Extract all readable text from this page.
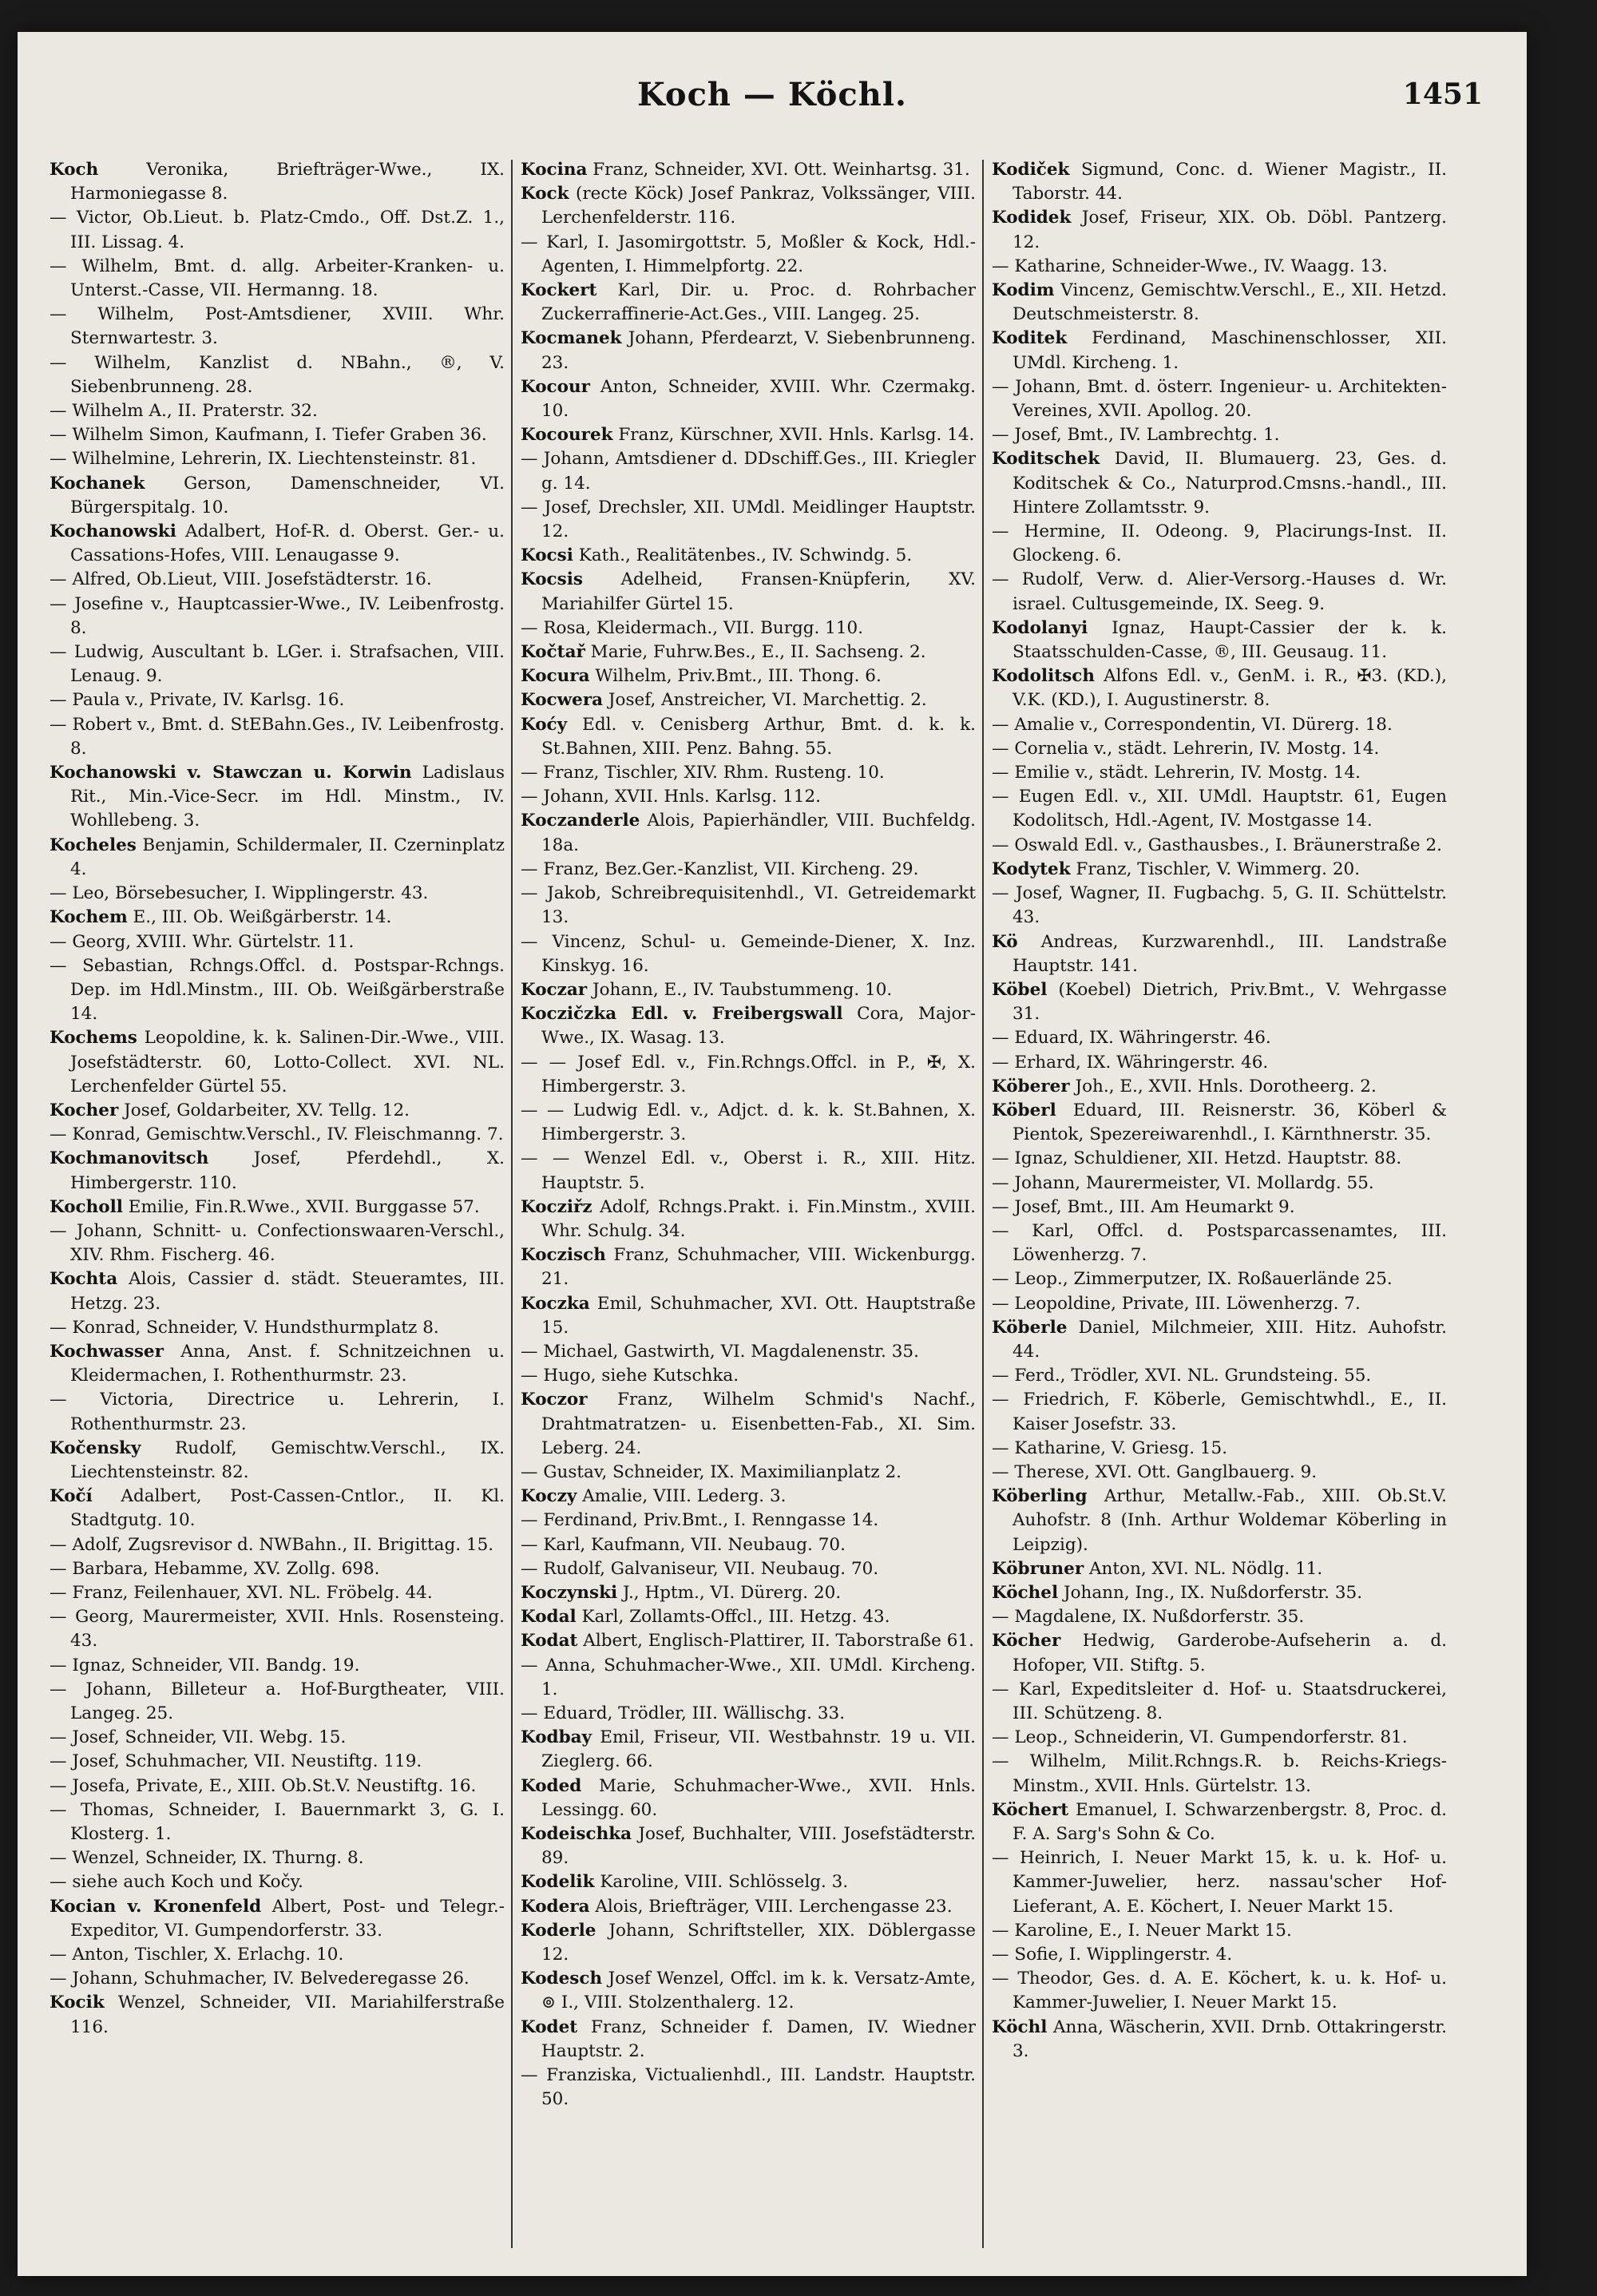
Koch — Köchl.	1451
Koch Veronika, Briefträger-Wwe., IX. Harmoniegasse 8.
— Victor, Ob.Lieut. b. Platz-Cmdo., Off. Dst.Z. 1., III. Lissag. 4.
— Wilhelm, Bmt. d. allg. Arbeiter-Kranken- u. Unterst.-Casse, VII. Hermanng. 18.
— Wilhelm, Post-Amtsdiener, XVIII. Whr. Sternwartestr. 3.
— Wilhelm, Kanzlist d. NBahn., ®, V. Siebenbrunneng. 28.
— Wilhelm A., II. Praterstr. 32.
— Wilhelm Simon, Kaufmann, I. Tiefer Graben 36.
— Wilhelmine, Lehrerin, IX. Liechtensteinstr. 81.
Kochanek Gerson, Damenschneider, VI. Bürgerspitalg. 10.
Kochanowski Adalbert, Hof-R. d. Oberst. Ger.- u. Cassations-Hofes, VIII. Lenaugasse 9.
— Alfred, Ob.Lieut, VIII. Josefstädterstr. 16.
— Josefine v., Hauptcassier-Wwe., IV. Leibenfrostg. 8.
— Ludwig, Auscultant b. LGer. i. Strafsachen, VIII. Lenaug. 9.
— Paula v., Private, IV. Karlsg. 16.
— Robert v., Bmt. d. StEBahn.Ges., IV. Leibenfrostg. 8.
Kochanowski v. Stawczan u. Korwin Ladislaus Rit., Min.-Vice-Secr. im Hdl. Minstm., IV. Wohllebeng. 3.
Kocheles Benjamin, Schildermaler, II. Czerninplatz 4.
— Leo, Börsebesucher, I. Wipplingerstr. 43.
Kochem E., III. Ob. Weißgärberstr. 14.
— Georg, XVIII. Whr. Gürtelstr. 11.
— Sebastian, Rchngs.Offcl. d. Postspar-Rchngs. Dep. im Hdl.Minstm., III. Ob. Weißgärberstraße 14.
Kochems Leopoldine, k. k. Salinen-Dir.-Wwe., VIII. Josefstädterstr. 60, Lotto-Collect. XVI. NL. Lerchenfelder Gürtel 55.
Kocher Josef, Goldarbeiter, XV. Tellg. 12.
— Konrad, Gemischtw.Verschl., IV. Fleischmanng. 7.
Kochmanovitsch Josef, Pferdehdl., X. Himbergerstr. 110.
Kocholl Emilie, Fin.R.Wwe., XVII. Burggasse 57.
— Johann, Schnitt- u. Confectionswaaren-Verschl., XIV. Rhm. Fischerg. 46.
Kochta Alois, Cassier d. städt. Steueramtes, III. Hetzg. 23.
— Konrad, Schneider, V. Hundsthurmplatz 8.
Kochwasser Anna, Anst. f. Schnitzeichnen u. Kleidermachen, I. Rothenthurmstr. 23.
— Victoria, Directrice u. Lehrerin, I. Rothenthurmstr. 23.
Kočensky Rudolf, Gemischtw.Verschl., IX. Liechtensteinstr. 82.
Kočí Adalbert, Post-Cassen-Cntlor., II. Kl. Stadtgutg. 10.
— Adolf, Zugsrevisor d. NWBahn., II. Brigittag. 15.
— Barbara, Hebamme, XV. Zollg. 698.
— Franz, Feilenhauer, XVI. NL. Fröbelg. 44.
— Georg, Maurermeister, XVII. Hnls. Rosensteing. 43.
— Ignaz, Schneider, VII. Bandg. 19.
— Johann, Billeteur a. Hof-Burgtheater, VIII. Langeg. 25.
— Josef, Schneider, VII. Webg. 15.
— Josef, Schuhmacher, VII. Neustiftg. 119.
— Josefa, Private, E., XIII. Ob.St.V. Neustiftg. 16.
— Thomas, Schneider, I. Bauernmarkt 3, G. I. Klosterg. 1.
— Wenzel, Schneider, IX. Thurng. 8.
— siehe auch Koch und Kočy.
Kocian v. Kronenfeld Albert, Post- und Telegr.-Expeditor, VI. Gumpendorferstr. 33.
— Anton, Tischler, X. Erlachg. 10.
— Johann, Schuhmacher, IV. Belvederegasse 26.
Kocik Wenzel, Schneider, VII. Mariahilferstraße 116.
Kocina Franz, Schneider, XVI. Ott. Weinhartsg. 31.
Kock (recte Köck) Josef Pankraz, Volkssänger, VIII. Lerchenfelderstr. 116.
— Karl, I. Jasomirgottstr. 5, Moßler & Kock, Hdl.-Agenten, I. Himmelpfortg. 22.
Kockert Karl, Dir. u. Proc. d. Rohrbacher Zuckerraffinerie-Act.Ges., VIII. Langeg. 25.
Kocmanek Johann, Pferdearzt, V. Siebenbrunneng. 23.
Kocour Anton, Schneider, XVIII. Whr. Czermakg. 10.
Kocourek Franz, Kürschner, XVII. Hnls. Karlsg. 14.
— Johann, Amtsdiener d. DDschiff.Ges., III. Kriegler g. 14.
— Josef, Drechsler, XII. UMdl. Meidlinger Hauptstr. 12.
Kocsi Kath., Realitätenbes., IV. Schwindg. 5.
Kocsis Adelheid, Fransen-Knüpferin, XV. Mariahilfer Gürtel 15.
— Rosa, Kleidermach., VII. Burgg. 110.
Kočtař Marie, Fuhrw.Bes., E., II. Sachseng. 2.
Kocura Wilhelm, Priv.Bmt., III. Thong. 6.
Kocwera Josef, Anstreicher, VI. Marchettig. 2.
Koćy Edl. v. Cenisberg Arthur, Bmt. d. k. k. St.Bahnen, XIII. Penz. Bahng. 55.
— Franz, Tischler, XIV. Rhm. Rusteng. 10.
— Johann, XVII. Hnls. Karlsg. 112.
Koczanderle Alois, Papierhändler, VIII. Buchfeldg. 18a.
— Franz, Bez.Ger.-Kanzlist, VII. Kircheng. 29.
— Jakob, Schreibrequisitenhdl., VI. Getreidemarkt 13.
— Vincenz, Schul- u. Gemeinde-Diener, X. Inz. Kinskyg. 16.
Koczar Johann, E., IV. Taubstummeng. 10.
Koczičzka Edl. v. Freibergswall Cora, Major-Wwe., IX. Wasag. 13.
— — Josef Edl. v., Fin.Rchngs.Offcl. in P., ✠, X. Himbergerstr. 3.
— — Ludwig Edl. v., Adjct. d. k. k. St.Bahnen, X. Himbergerstr. 3.
— — Wenzel Edl. v., Oberst i. R., XIII. Hitz. Hauptstr. 5.
Kocziřz Adolf, Rchngs.Prakt. i. Fin.Minstm., XVIII. Whr. Schulg. 34.
Koczisch Franz, Schuhmacher, VIII. Wickenburgg. 21.
Koczka Emil, Schuhmacher, XVI. Ott. Hauptstraße 15.
— Michael, Gastwirth, VI. Magdalenenstr. 35.
— Hugo, siehe Kutschka.
Koczor Franz, Wilhelm Schmid's Nachf., Drahtmatratzen- u. Eisenbetten-Fab., XI. Sim. Leberg. 24.
— Gustav, Schneider, IX. Maximilianplatz 2.
Koczy Amalie, VIII. Lederg. 3.
— Ferdinand, Priv.Bmt., I. Renngasse 14.
— Karl, Kaufmann, VII. Neubaug. 70.
— Rudolf, Galvaniseur, VII. Neubaug. 70.
Koczynski J., Hptm., VI. Dürerg. 20.
Kodal Karl, Zollamts-Offcl., III. Hetzg. 43.
Kodat Albert, Englisch-Plattirer, II. Taborstraße 61.
— Anna, Schuhmacher-Wwe., XII. UMdl. Kircheng. 1.
— Eduard, Trödler, III. Wällischg. 33.
Kodbay Emil, Friseur, VII. Westbahnstr. 19 u. VII. Zieglerg. 66.
Koded Marie, Schuhmacher-Wwe., XVII. Hnls. Lessingg. 60.
Kodeischka Josef, Buchhalter, VIII. Josefstädterstr. 89.
Kodelik Karoline, VIII. Schlösselg. 3.
Kodera Alois, Briefträger, VIII. Lerchengasse 23.
Koderle Johann, Schriftsteller, XIX. Döblergasse 12.
Kodesch Josef Wenzel, Offcl. im k. k. Versatz-Amte, ⊚ I., VIII. Stolzenthalerg. 12.
Kodet Franz, Schneider f. Damen, IV. Wiedner Hauptstr. 2.
— Franziska, Victualienhdl., III. Landstr. Hauptstr. 50.
Kodiček Sigmund, Conc. d. Wiener Magistr., II. Taborstr. 44.
Kodidek Josef, Friseur, XIX. Ob. Döbl. Pantzerg. 12.
— Katharine, Schneider-Wwe., IV. Waagg. 13.
Kodim Vincenz, Gemischtw.Verschl., E., XII. Hetzd. Deutschmeisterstr. 8.
Koditek Ferdinand, Maschinenschlosser, XII. UMdl. Kircheng. 1.
— Johann, Bmt. d. österr. Ingenieur- u. Architekten-Vereines, XVII. Apollog. 20.
— Josef, Bmt., IV. Lambrechtg. 1.
Koditschek David, II. Blumauerg. 23, Ges. d. Koditschek & Co., Naturprod.Cmsns.-handl., III. Hintere Zollamtsstr. 9.
— Hermine, II. Odeong. 9, Placirungs-Inst. II. Glockeng. 6.
— Rudolf, Verw. d. Alier-Versorg.-Hauses d. Wr. israel. Cultusgemeinde, IX. Seeg. 9.
Kodolanyi Ignaz, Haupt-Cassier der k. k. Staatsschulden-Casse, ®, III. Geusaug. 11.
Kodolitsch Alfons Edl. v., GenM. i. R., ✠3. (KD.), V.K. (KD.), I. Augustinerstr. 8.
— Amalie v., Correspondentin, VI. Dürerg. 18.
— Cornelia v., städt. Lehrerin, IV. Mostg. 14.
— Emilie v., städt. Lehrerin, IV. Mostg. 14.
— Eugen Edl. v., XII. UMdl. Hauptstr. 61, Eugen Kodolitsch, Hdl.-Agent, IV. Mostgasse 14.
— Oswald Edl. v., Gasthausbes., I. Bräunerstraße 2.
Kodytek Franz, Tischler, V. Wimmerg. 20.
— Josef, Wagner, II. Fugbachg. 5, G. II. Schüttelstr. 43.
Kö Andreas, Kurzwarenhdl., III. Landstraße Hauptstr. 141.
Köbel (Koebel) Dietrich, Priv.Bmt., V. Wehrgasse 31.
— Eduard, IX. Währingerstr. 46.
— Erhard, IX. Währingerstr. 46.
Köberer Joh., E., XVII. Hnls. Dorotheerg. 2.
Köberl Eduard, III. Reisnerstr. 36, Köberl & Pientok, Spezereiwarenhdl., I. Kärnthnerstr. 35.
— Ignaz, Schuldiener, XII. Hetzd. Hauptstr. 88.
— Johann, Maurermeister, VI. Mollardg. 55.
— Josef, Bmt., III. Am Heumarkt 9.
— Karl, Offcl. d. Postsparcassenamtes, III. Löwenherzg. 7.
— Leop., Zimmerputzer, IX. Roßauerlände 25.
— Leopoldine, Private, III. Löwenherzg. 7.
Köberle Daniel, Milchmeier, XIII. Hitz. Auhofstr. 44.
— Ferd., Trödler, XVI. NL. Grundsteing. 55.
— Friedrich, F. Köberle, Gemischtwhdl., E., II. Kaiser Josefstr. 33.
— Katharine, V. Griesg. 15.
— Therese, XVI. Ott. Ganglbauerg. 9.
Köberling Arthur, Metallw.-Fab., XIII. Ob.St.V. Auhofstr. 8 (Inh. Arthur Woldemar Köberling in Leipzig).
Köbruner Anton, XVI. NL. Nödlg. 11.
Köchel Johann, Ing., IX. Nußdorferstr. 35.
— Magdalene, IX. Nußdorferstr. 35.
Köcher Hedwig, Garderobe-Aufseherin a. d. Hofoper, VII. Stiftg. 5.
— Karl, Expeditsleiter d. Hof- u. Staatsdruckerei, III. Schützeng. 8.
— Leop., Schneiderin, VI. Gumpendorferstr. 81.
— Wilhelm, Milit.Rchngs.R. b. Reichs-Kriegs-Minstm., XVII. Hnls. Gürtelstr. 13.
Köchert Emanuel, I. Schwarzenbergstr. 8, Proc. d. F. A. Sarg's Sohn & Co.
— Heinrich, I. Neuer Markt 15, k. u. k. Hof- u. Kammer-Juwelier, herz. nassau'scher Hof-Lieferant, A. E. Köchert, I. Neuer Markt 15.
— Karoline, E., I. Neuer Markt 15.
— Sofie, I. Wipplingerstr. 4.
— Theodor, Ges. d. A. E. Köchert, k. u. k. Hof- u. Kammer-Juwelier, I. Neuer Markt 15.
Köchl Anna, Wäscherin, XVII. Drnb. Ottakringerstr. 3.
